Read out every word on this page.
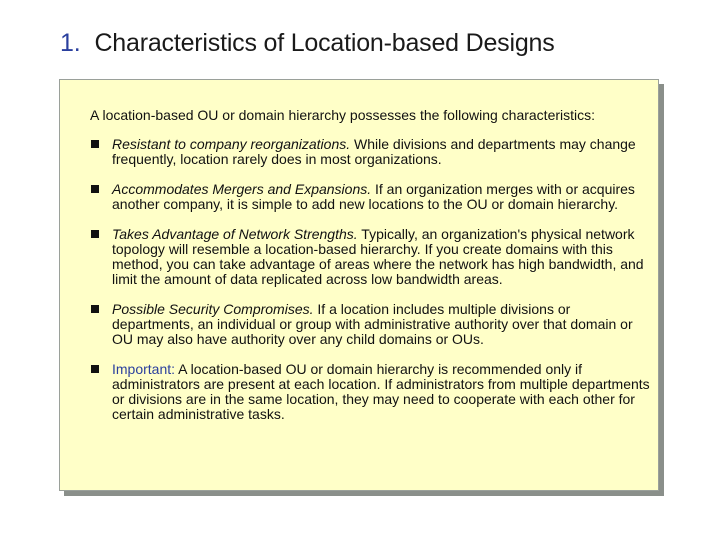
1. Characteristics of Location-based Designs

A location-based OU or domain hierarchy possesses the following characteristics:

Resistant to company reorganizations. While divisions and departments may change frequently, location rarely does in most organizations.
Accommodates Mergers and Expansions. If an organization merges with or acquires another company, it is simple to add new locations to the OU or domain hierarchy.
Takes Advantage of Network Strengths. Typically, an organization's physical network topology will resemble a location-based hierarchy. If you create domains with this method, you can take advantage of areas where the network has high bandwidth, and limit the amount of data replicated across low bandwidth areas.
Possible Security Compromises. If a location includes multiple divisions or departments, an individual or group with administrative authority over that domain or OU may also have authority over any child domains or OUs.
Important: A location-based OU or domain hierarchy is recommended only if administrators are present at each location. If administrators from multiple departments or divisions are in the same location, they may need to cooperate with each other for certain administrative tasks.
